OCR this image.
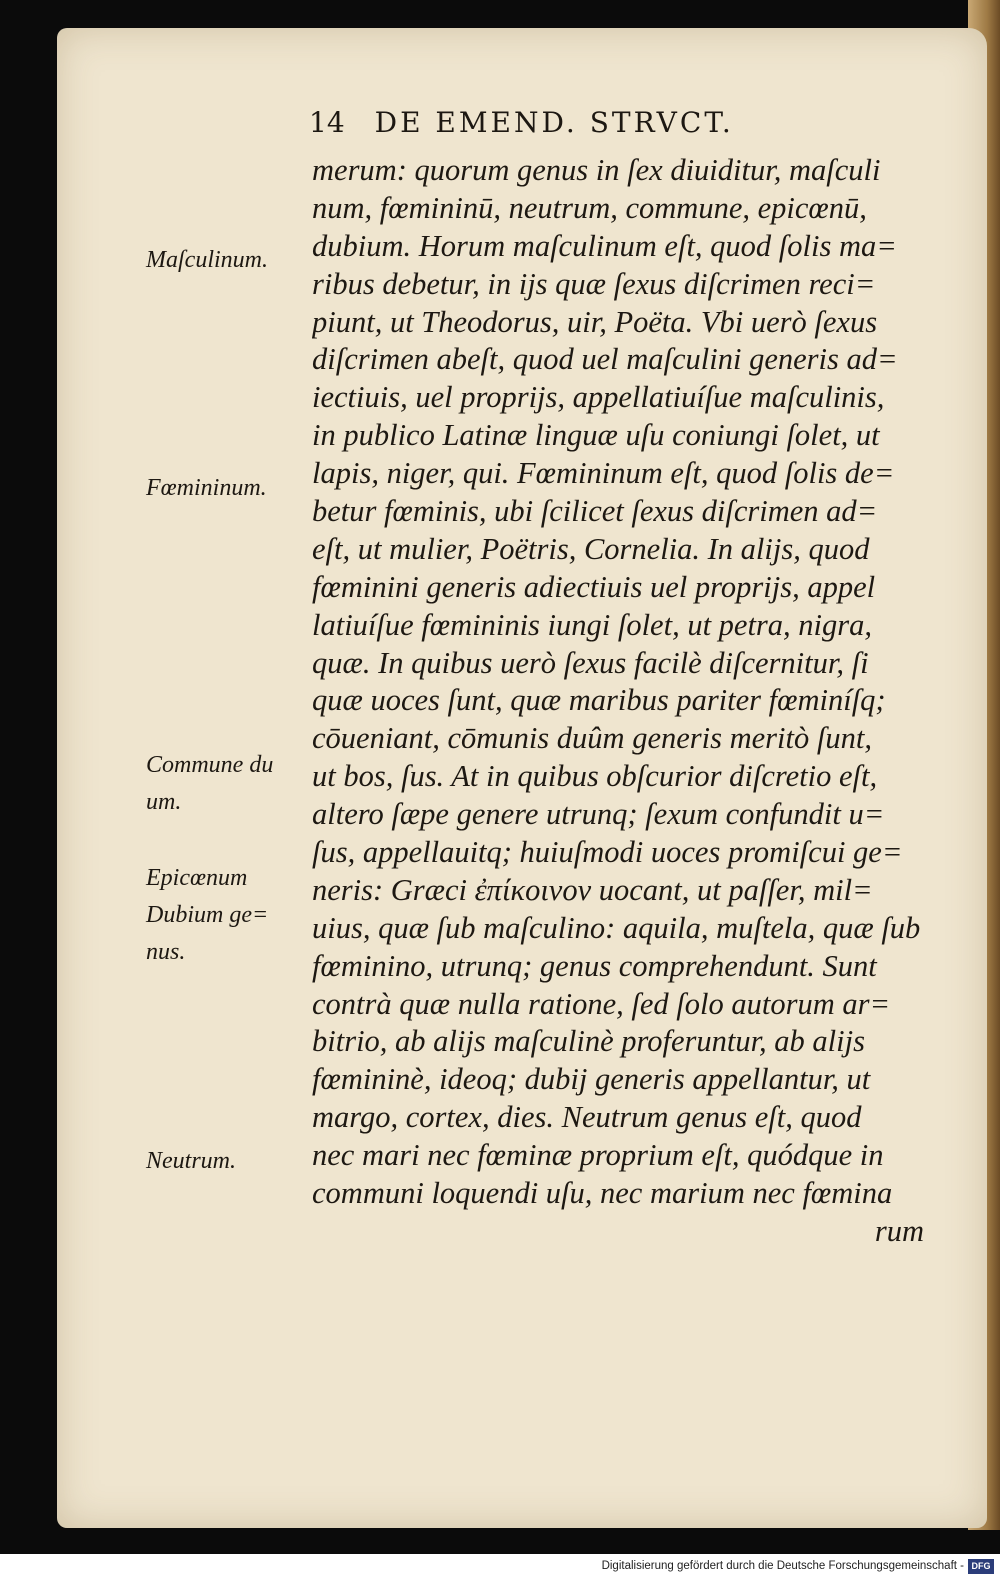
14 DE EMEND. STRVCT.
merum: quorum genus in ſex diuiditur, maſculi
num, fœmininū, neutrum, commune, epicœnū,
dubium. Horum maſculinum eſt, quod ſolis ma=
ribus debetur, in ijs quæ ſexus diſcrimen reci=
piunt, ut Theodorus, uir, Poëta. Vbi uerò ſexus
diſcrimen abeſt, quod uel maſculini generis ad=
iectiuis, uel proprijs, appellatiuíſue maſculinis,
in publico Latinæ linguæ uſu coniungi ſolet, ut
lapis, niger, qui. Fœmininum eſt, quod ſolis de=
betur fœminis, ubi ſcilicet ſexus diſcrimen ad=
eſt, ut mulier, Poëtris, Cornelia. In alijs, quod
fœminini generis adiectiuis uel proprijs, appel
latiuíſue fœmininis iungi ſolet, ut petra, nigra,
quæ. In quibus uerò ſexus facilè diſcernitur, ſi
quæ uoces ſunt, quæ maribus pariter fœminíſq;
cōueniant, cōmunis duûm generis meritò ſunt,
ut bos, ſus. At in quibus obſcurior diſcretio eſt,
altero ſæpe genere utrunq; ſexum confundit u=
ſus, appellauitq; huiuſmodi uoces promiſcui ge=
neris: Græci ἐπίκοινον uocant, ut paſſer, mil=
uius, quæ ſub maſculino: aquila, muſtela, quæ ſub
fœminino, utrunq; genus comprehendunt. Sunt
contrà quæ nulla ratione, ſed ſolo autorum ar=
bitrio, ab alijs maſculinè proferuntur, ab alijs
fœmininè, ideoq; dubij generis appellantur, ut
margo, cortex, dies. Neutrum genus eſt, quod
nec mari nec fœminæ proprium eſt, quódque in
communi loquendi uſu, nec marium nec fœmina
rum
Maſculinum.
Fœmininum.
Commune du
um.
Epicœnum
Dubium ge=
nus.
Neutrum.
Digitalisierung gefördert durch die Deutsche Forschungsgemeinschaft - DFG
